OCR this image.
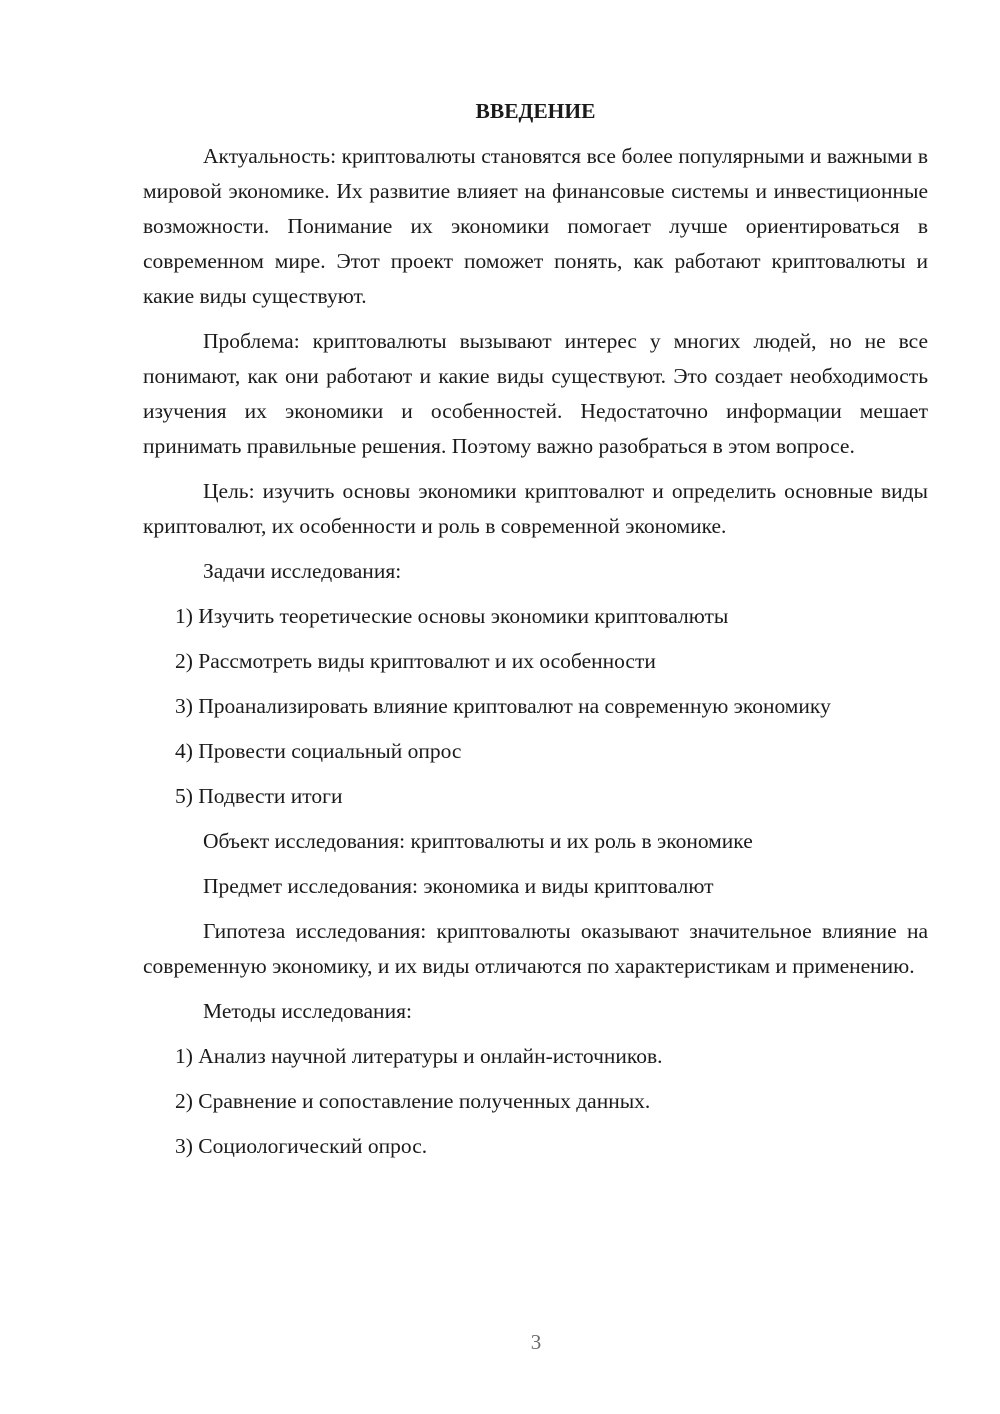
ВВЕДЕНИЕ
Актуальность: криптовалюты становятся все более популярными и важными в мировой экономике. Их развитие влияет на финансовые системы и инвестиционные возможности. Понимание их экономики помогает лучше ориентироваться в современном мире. Этот проект поможет понять, как работают криптовалюты и какие виды существуют.
Проблема: криптовалюты вызывают интерес у многих людей, но не все понимают, как они работают и какие виды существуют. Это создает необходимость изучения их экономики и особенностей. Недостаточно информации мешает принимать правильные решения. Поэтому важно разобраться в этом вопросе.
Цель: изучить основы экономики криптовалют и определить основные виды криптовалют, их особенности и роль в современной экономике.
Задачи исследования:
1) Изучить теоретические основы экономики криптовалюты
2) Рассмотреть виды криптовалют и их особенности
3) Проанализировать влияние криптовалют на современную экономику
4) Провести социальный опрос
5) Подвести итоги
Объект исследования: криптовалюты и их роль в экономике
Предмет исследования: экономика и виды криптовалют
Гипотеза исследования: криптовалюты оказывают значительное влияние на современную экономику, и их виды отличаются по характеристикам и применению.
Методы исследования:
1) Анализ научной литературы и онлайн-источников.
2) Сравнение и сопоставление полученных данных.
3) Социологический опрос.
3
